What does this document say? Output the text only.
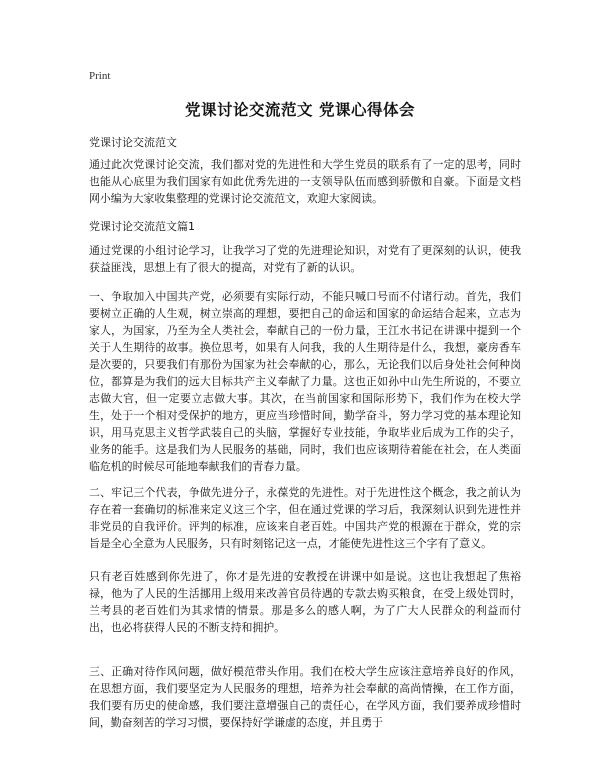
Print
党课讨论交流范文 党课心得体会
党课讨论交流范文
通过此次党课讨论交流，我们都对党的先进性和大学生党员的联系有了一定的思考，同时也能从心底里为我们国家有如此优秀先进的一支领导队伍而感到骄傲和自豪。下面是文档网小编为大家收集整理的党课讨论交流范文，欢迎大家阅读。
党课讨论交流范文篇1
通过党课的小组讨论学习，让我学习了党的先进理论知识，对党有了更深刻的认识，使我获益匪浅，思想上有了很大的提高，对党有了新的认识。
一、争取加入中国共产党，必须要有实际行动，不能只喊口号而不付诸行动。首先，我们要树立正确的人生观，树立崇高的理想，要把自己的命运和国家的命运结合起来，立志为家人，为国家，乃至为全人类社会，奉献自己的一份力量，王江水书记在讲课中提到一个关于人生期待的故事。换位思考，如果有人问我，我的人生期待是什么，我想，豪房香车是次要的，只要我们有那份为国家为社会奉献的心，那么，无论我们以后身处社会何种岗位，都算是为我们的远大目标共产主义奉献了力量。这也正如孙中山先生所说的，不要立志做大官，但一定要立志做大事。其次，在当前国家和国际形势下，我们作为在校大学生，处于一个相对受保护的地方，更应当珍惜时间，勤学奋斗，努力学习党的基本理论知识，用马克思主义哲学武装自己的头脑，掌握好专业技能，争取毕业后成为工作的尖子，业务的能手。这是我们为人民服务的基础，同时，我们也应该期待着能在社会，在人类面临危机的时候尽可能地奉献我们的青春力量。
二、牢记三个代表，争做先进分子，永葆党的先进性。对于先进性这个概念，我之前认为存在着一套确切的标准来定义这三个字，但在通过党课的学习后，我深刻认识到先进性并非党员的自我评价。评判的标准，应该来自老百姓。中国共产党的根源在于群众，党的宗旨是全心全意为人民服务，只有时刻铭记这一点，才能使先进性这三个字有了意义。
只有老百姓感到你先进了，你才是先进的安教授在讲课中如是说。这也让我想起了焦裕禄，他为了人民的生活挪用上级用来改善官员待遇的专款去购买粮食，在受上级处罚时，兰考县的老百姓们为其求情的情景。那是多么的感人啊，为了广大人民群众的利益而付出，也必将获得人民的不断支持和拥护。
三、正确对待作风问题，做好模范带头作用。我们在校大学生应该注意培养良好的作风，在思想方面，我们要坚定为人民服务的理想，培养为社会奉献的高尚情操，在工作方面，我们要有历史的使命感，我们要注意增强自己的责任心，在学风方面，我们要养成珍惜时间，勤奋刻苦的学习习惯，要保持好学谦虚的态度，并且勇于
